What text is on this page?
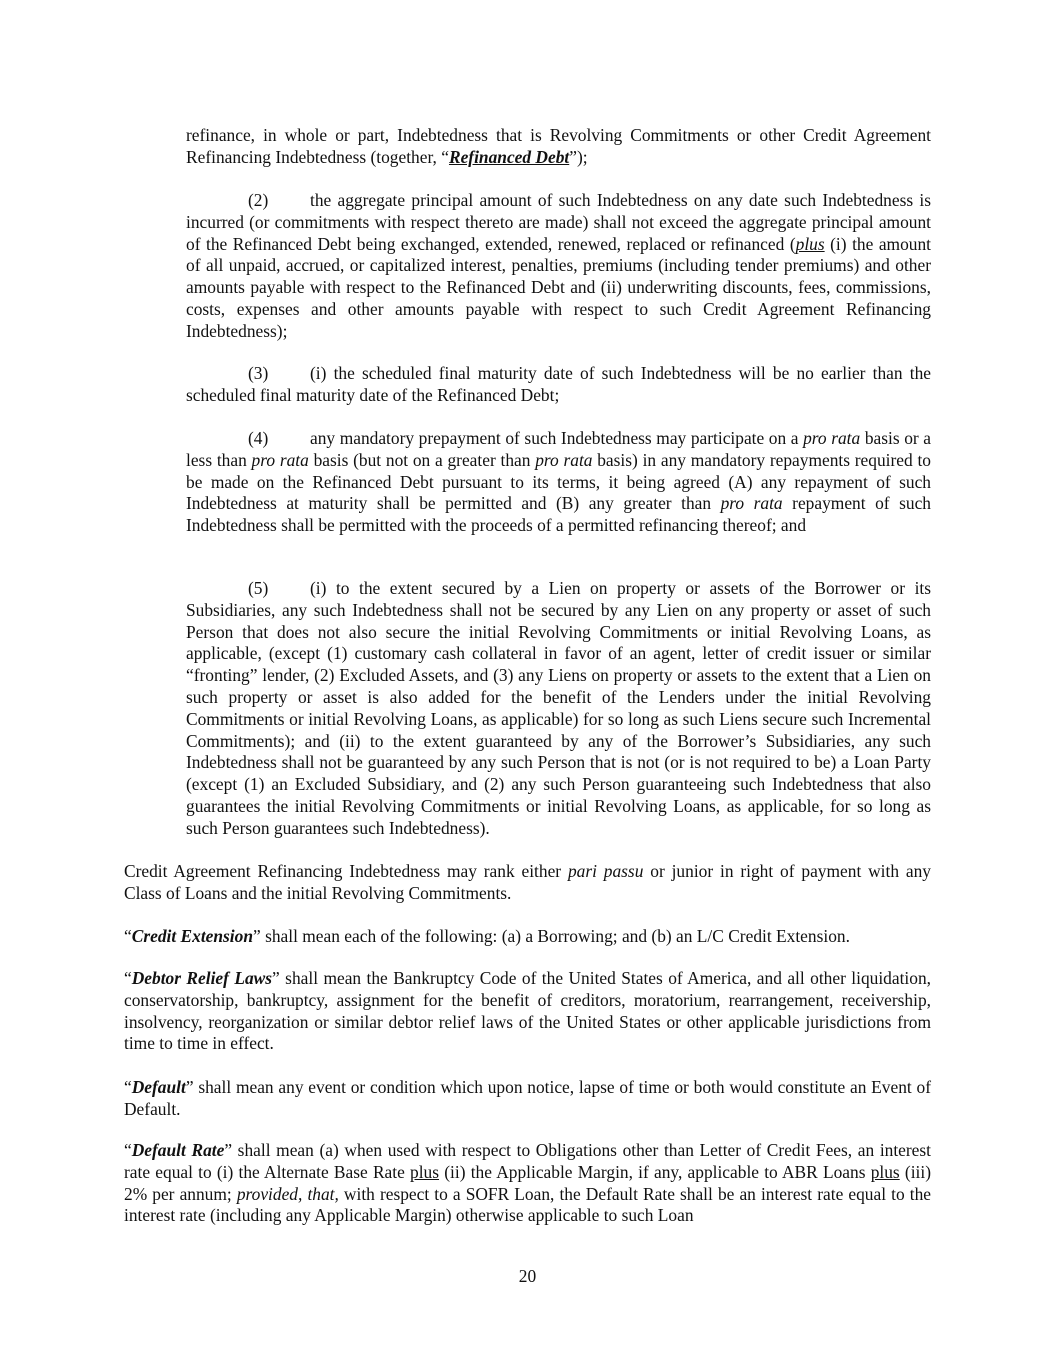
refinance, in whole or part, Indebtedness that is Revolving Commitments or other Credit Agreement Refinancing Indebtedness (together, “Refinanced Debt”);

(2) the aggregate principal amount of such Indebtedness on any date such Indebtedness is incurred (or commitments with respect thereto are made) shall not exceed the aggregate principal amount of the Refinanced Debt being exchanged, extended, renewed, replaced or refinanced (plus (i) the amount of all unpaid, accrued, or capitalized interest, penalties, premiums (including tender premiums) and other amounts payable with respect to the Refinanced Debt and (ii) underwriting discounts, fees, commissions, costs, expenses and other amounts payable with respect to such Credit Agreement Refinancing Indebtedness);

(3) (i) the scheduled final maturity date of such Indebtedness will be no earlier than the scheduled final maturity date of the Refinanced Debt;

(4) any mandatory prepayment of such Indebtedness may participate on a pro rata basis or a less than pro rata basis (but not on a greater than pro rata basis) in any mandatory repayments required to be made on the Refinanced Debt pursuant to its terms, it being agreed (A) any repayment of such Indebtedness at maturity shall be permitted and (B) any greater than pro rata repayment of such Indebtedness shall be permitted with the proceeds of a permitted refinancing thereof; and

(5) (i) to the extent secured by a Lien on property or assets of the Borrower or its Subsidiaries, any such Indebtedness shall not be secured by any Lien on any property or asset of such Person that does not also secure the initial Revolving Commitments or initial Revolving Loans, as applicable, (except (1) customary cash collateral in favor of an agent, letter of credit issuer or similar “fronting” lender, (2) Excluded Assets, and (3) any Liens on property or assets to the extent that a Lien on such property or asset is also added for the benefit of the Lenders under the initial Revolving Commitments or initial Revolving Loans, as applicable) for so long as such Liens secure such Incremental Commitments); and (ii) to the extent guaranteed by any of the Borrower’s Subsidiaries, any such Indebtedness shall not be guaranteed by any such Person that is not (or is not required to be) a Loan Party (except (1) an Excluded Subsidiary, and (2) any such Person guaranteeing such Indebtedness that also guarantees the initial Revolving Commitments or initial Revolving Loans, as applicable, for so long as such Person guarantees such Indebtedness).

Credit Agreement Refinancing Indebtedness may rank either pari passu or junior in right of payment with any Class of Loans and the initial Revolving Commitments.

“Credit Extension” shall mean each of the following: (a) a Borrowing; and (b) an L/C Credit Extension.

“Debtor Relief Laws” shall mean the Bankruptcy Code of the United States of America, and all other liquidation, conservatorship, bankruptcy, assignment for the benefit of creditors, moratorium, rearrangement, receivership, insolvency, reorganization or similar debtor relief laws of the United States or other applicable jurisdictions from time to time in effect.

“Default” shall mean any event or condition which upon notice, lapse of time or both would constitute an Event of Default.

“Default Rate” shall mean (a) when used with respect to Obligations other than Letter of Credit Fees, an interest rate equal to (i) the Alternate Base Rate plus (ii) the Applicable Margin, if any, applicable to ABR Loans plus (iii) 2% per annum; provided, that, with respect to a SOFR Loan, the Default Rate shall be an interest rate equal to the interest rate (including any Applicable Margin) otherwise applicable to such Loan

20
